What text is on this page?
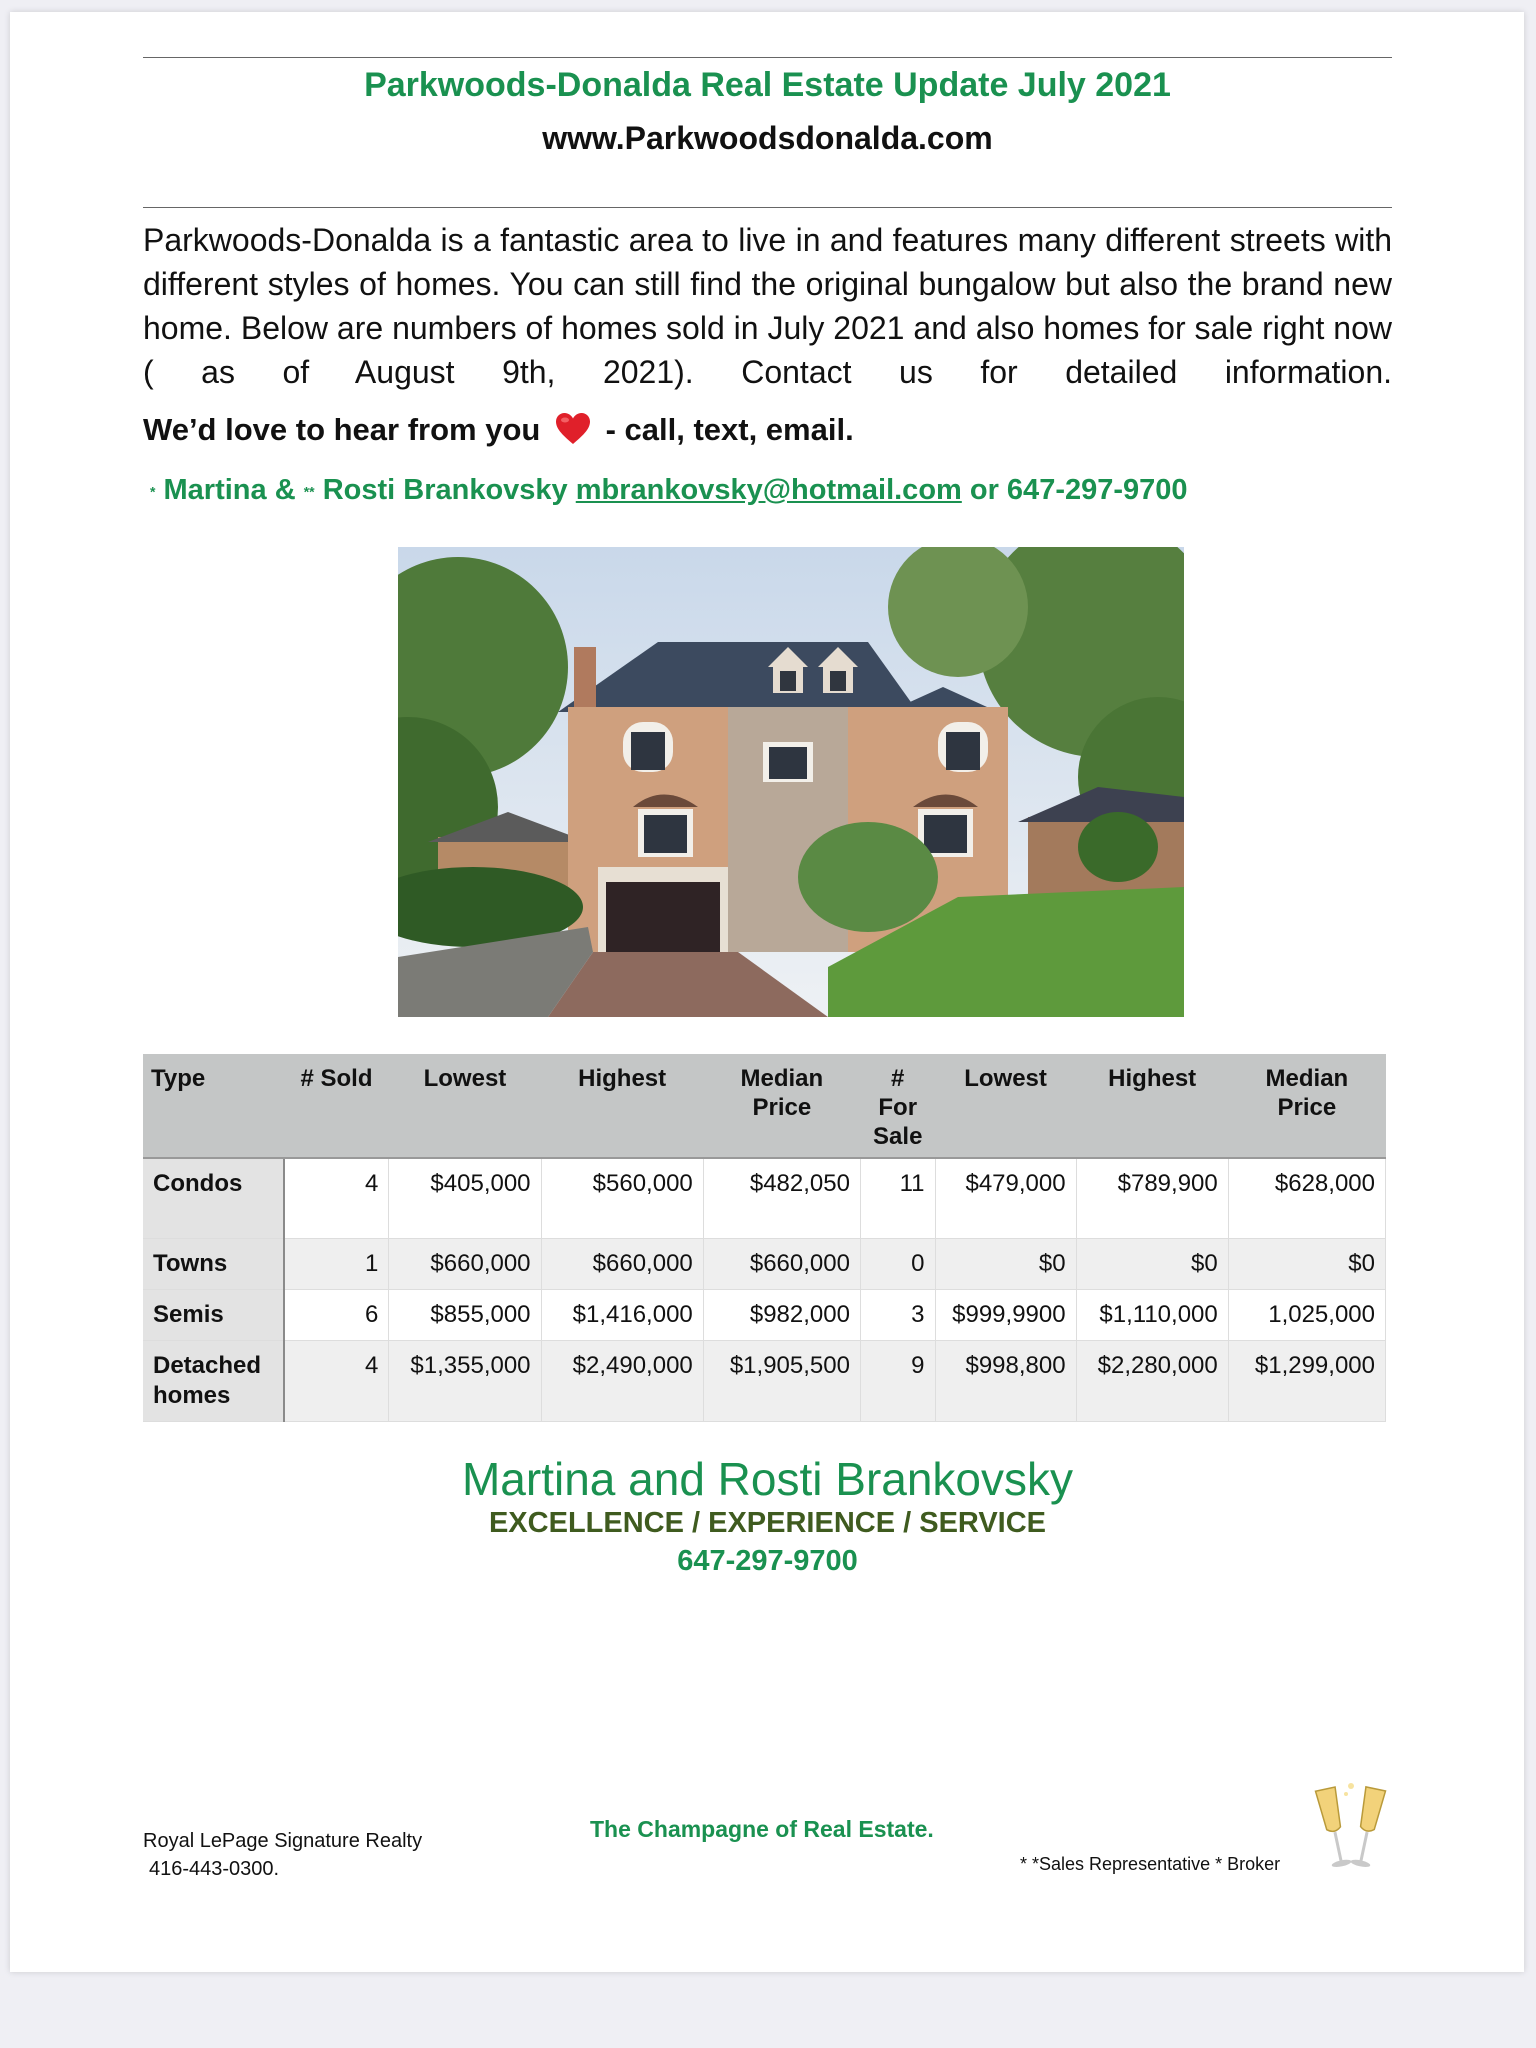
Parkwoods-Donalda Real Estate Update July 2021
www.Parkwoodsdonalda.com
Parkwoods-Donalda is a fantastic area to live in and features many different streets with different styles of homes. You can still find the original bungalow but also the brand new home. Below are numbers of homes sold in July 2021 and also homes for sale right now ( as of August 9th, 2021). Contact us for detailed information.
We’d love to hear from you - call, text, email.
* Martina & ** Rosti Brankovsky mbrankovsky@hotmail.com or 647-297-9700
Type	# Sold	Lowest	Highest	Median Price	# For Sale	Lowest	Highest	Median Price
Condos	4	$405,000	$560,000	$482,050	11	$479,000	$789,900	$628,000
Towns	1	$660,000	$660,000	$660,000	0	$0	$0	$0
Semis	6	$855,000	$1,416,000	$982,000	3	$999,9900	$1,110,000	1,025,000
Detached homes	4	$1,355,000	$2,490,000	$1,905,500	9	$998,800	$2,280,000	$1,299,000
Martina and Rosti Brankovsky
EXCELLENCE / EXPERIENCE / SERVICE
647-297-9700
Royal LePage Signature Realty
416-443-0300.
The Champagne of Real Estate.
* *Sales Representative * Broker
